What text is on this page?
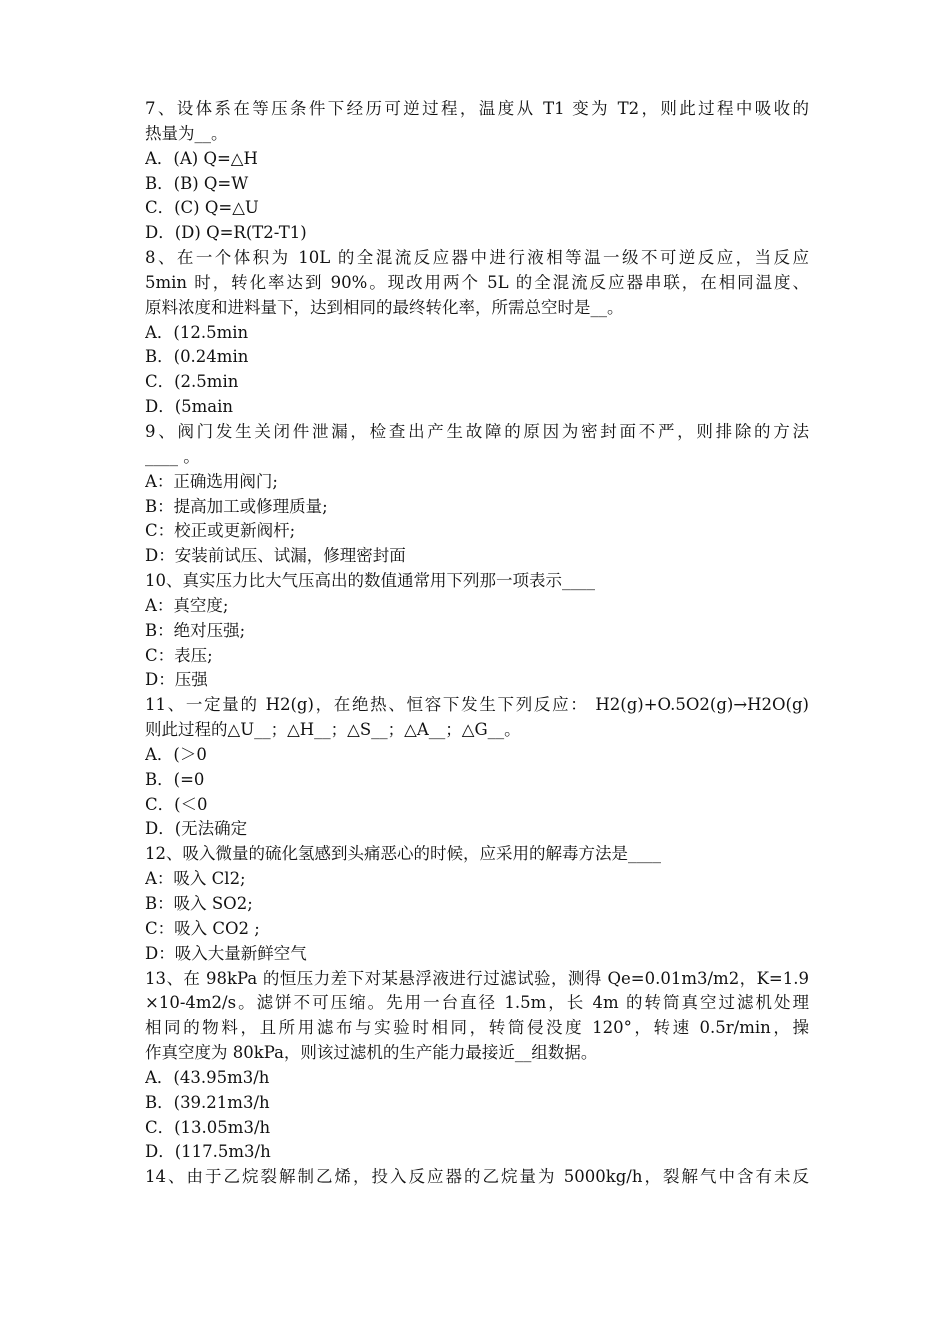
7、设体系在等压条件下经历可逆过程，温度从 T1 变为 T2，则此过程中吸收的
热量为__。
A．(A) Q=△H
B．(B) Q=W
C．(C) Q=△U
D．(D) Q=R(T2-T1)
8、在一个体积为 10L 的全混流反应器中进行液相等温一级不可逆反应，当反应
5min 时，转化率达到 90%。现改用两个 5L 的全混流反应器串联，在相同温度、
原料浓度和进料量下，达到相同的最终转化率，所需总空时是__。
A．(12.5min
B．(0.24min
C．(2.5min
D．(5main
9、阀门发生关闭件泄漏，检查出产生故障的原因为密封面不严，则排除的方法
____ 。
A：正确选用阀门;
B：提高加工或修理质量;
C：校正或更新阀杆;
D：安装前试压、试漏，修理密封面
10、真实压力比大气压高出的数值通常用下列那一项表示____
A：真空度;
B：绝对压强;
C：表压;
D：压强
11、一定量的 H2(g)，在绝热、恒容下发生下列反应： H2(g)+O.5O2(g)→H2O(g)
则此过程的△U__；△H__；△S__；△A__；△G__。
A．(＞0
B．(=0
C．(＜0
D．(无法确定
12、吸入微量的硫化氢感到头痛恶心的时候，应采用的解毒方法是____
A：吸入 Cl2;
B：吸入 SO2;
C：吸入 CO2 ;
D：吸入大量新鲜空气
13、在 98kPa 的恒压力差下对某悬浮液进行过滤试验，测得 Qe=0.01m3/m2，K=1.9
×10-4m2/s。滤饼不可压缩。先用一台直径 1.5m，长 4m 的转筒真空过滤机处理
相同的物料，且所用滤布与实验时相同，转筒侵没度 120°，转速 0.5r/min，操
作真空度为 80kPa，则该过滤机的生产能力最接近__组数据。
A．(43.95m3/h
B．(39.21m3/h
C．(13.05m3/h
D．(117.5m3/h
14、由于乙烷裂解制乙烯，投入反应器的乙烷量为 5000kg/h，裂解气中含有未反
